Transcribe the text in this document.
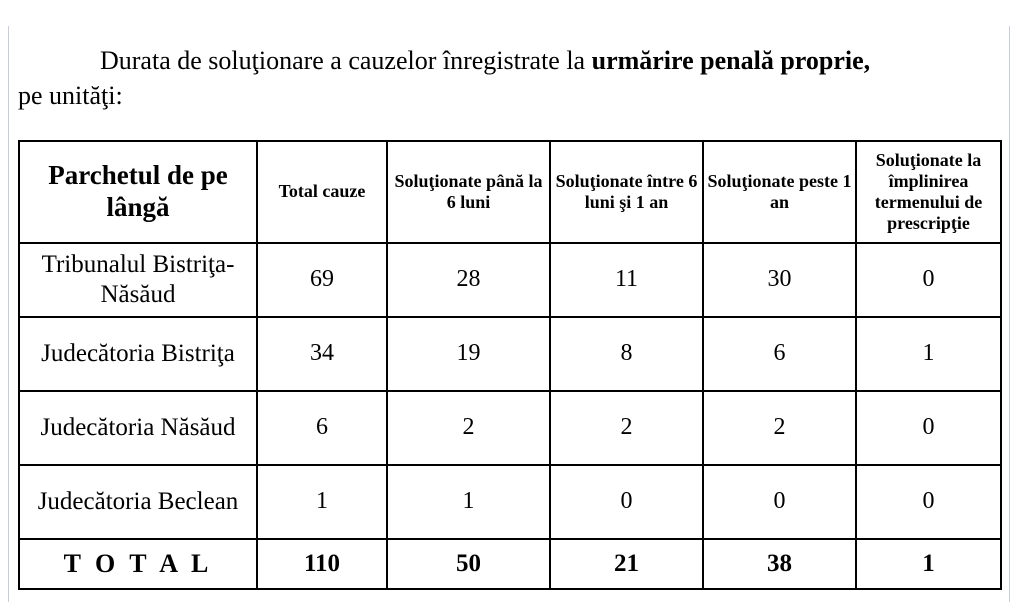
Durata de soluţionare a cauzelor înregistrate la urmărire penală proprie,
pe unităţi:

Parchetul de pe lângă	Total cauze	Soluţionate până la 6 luni	Soluţionate între 6 luni şi 1 an	Soluţionate peste 1 an	Soluţionate la împlinirea termenului de prescripţie
Tribunalul Bistriţa-Năsăud	69	28	11	30	0
Judecătoria Bistriţa	34	19	8	6	1
Judecătoria Năsăud	6	2	2	2	0
Judecătoria Beclean	1	1	0	0	0
T O T A L	110	50	21	38	1
